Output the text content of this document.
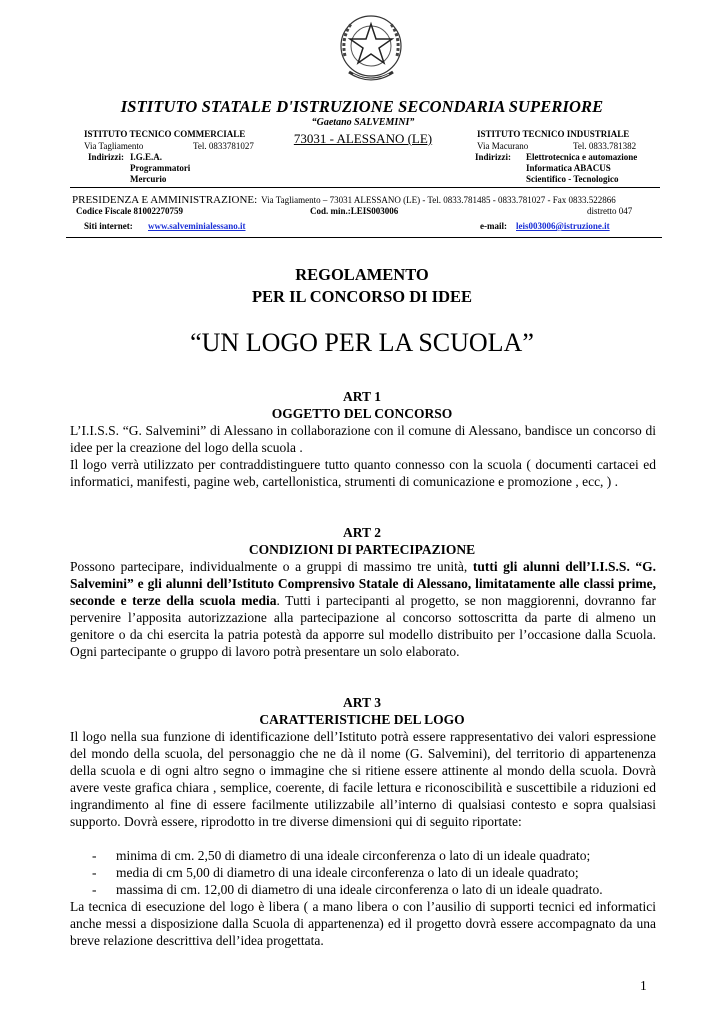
ISTITUTO STATALE D'ISTRUZIONE SECONDARIA SUPERIORE
“Gaetano SALVEMINI”
73031 - ALESSANO (LE)
ISTITUTO TECNICO COMMERCIALE
Via Tagliamento	Tel. 0833781027
Indirizzi: I.G.E.A.
Programmatori
Mercurio
ISTITUTO TECNICO INDUSTRIALE
Via Macurano	Tel. 0833.781382
Indirizzi: Elettrotecnica e automazione
Informatica ABACUS
Scientifico - Tecnologico
PRESIDENZA E AMMINISTRAZIONE: Via Tagliamento – 73031 ALESSANO (LE) - Tel. 0833.781485 - 0833.781027 - Fax 0833.522866
Codice Fiscale 81002270759	Cod. min.:LEIS003006	distretto 047
Siti internet: www.salveminialessano.it	e-mail: leis003006@istruzione.it
REGOLAMENTO
PER IL CONCORSO DI IDEE
“UN LOGO PER LA SCUOLA”
ART 1
OGGETTO DEL CONCORSO

L’I.I.S.S. “G. Salvemini” di Alessano in collaborazione con il comune di Alessano, bandisce un concorso di idee per la creazione del logo della scuola .

Il logo verrà utilizzato per contraddistinguere tutto quanto connesso con la scuola ( documenti cartacei ed informatici, manifesti, pagine web, cartellonistica, strumenti di comunicazione e promozione , ecc, ) .

ART 2
CONDIZIONI DI PARTECIPAZIONE

Possono partecipare, individualmente o a gruppi di massimo tre unità, tutti gli alunni dell’I.I.S.S. “G. Salvemini” e gli alunni dell’Istituto Comprensivo Statale di Alessano, limitatamente alle classi prime, seconde e terze della scuola media. Tutti i partecipanti al progetto, se non maggiorenni, dovranno far pervenire l’apposita autorizzazione alla partecipazione al concorso sottoscritta da parte di almeno un genitore o da chi esercita la patria potestà da apporre sul modello distribuito per l’occasione dalla Scuola. Ogni partecipante o gruppo di lavoro potrà presentare un solo elaborato.

ART 3
CARATTERISTICHE DEL LOGO

Il logo nella sua funzione di identificazione dell’Istituto potrà essere rappresentativo dei valori espressione del mondo della scuola, del personaggio che ne dà il nome (G. Salvemini), del territorio di appartenenza della scuola e di ogni altro segno o immagine che si ritiene essere attinente al mondo della scuola. Dovrà avere veste grafica chiara , semplice, coerente, di facile lettura e riconoscibilità e suscettibile a riduzioni ed ingrandimento al fine di essere facilmente utilizzabile all’interno di qualsiasi contesto e sopra qualsiasi supporto. Dovrà essere, riprodotto in tre diverse dimensioni qui di seguito riportate:

- minima di cm. 2,50 di diametro di una ideale circonferenza o lato di un ideale quadrato;
- media di cm 5,00 di diametro di una ideale circonferenza o lato di un ideale quadrato;
- massima di cm. 12,00 di diametro di una ideale circonferenza o lato di un ideale quadrato.

La tecnica di esecuzione del logo è libera ( a mano libera o con l’ausilio di supporti tecnici ed informatici anche messi a disposizione dalla Scuola di appartenenza) ed il progetto dovrà essere accompagnato da una breve relazione descrittiva dell’idea progettata.

1
